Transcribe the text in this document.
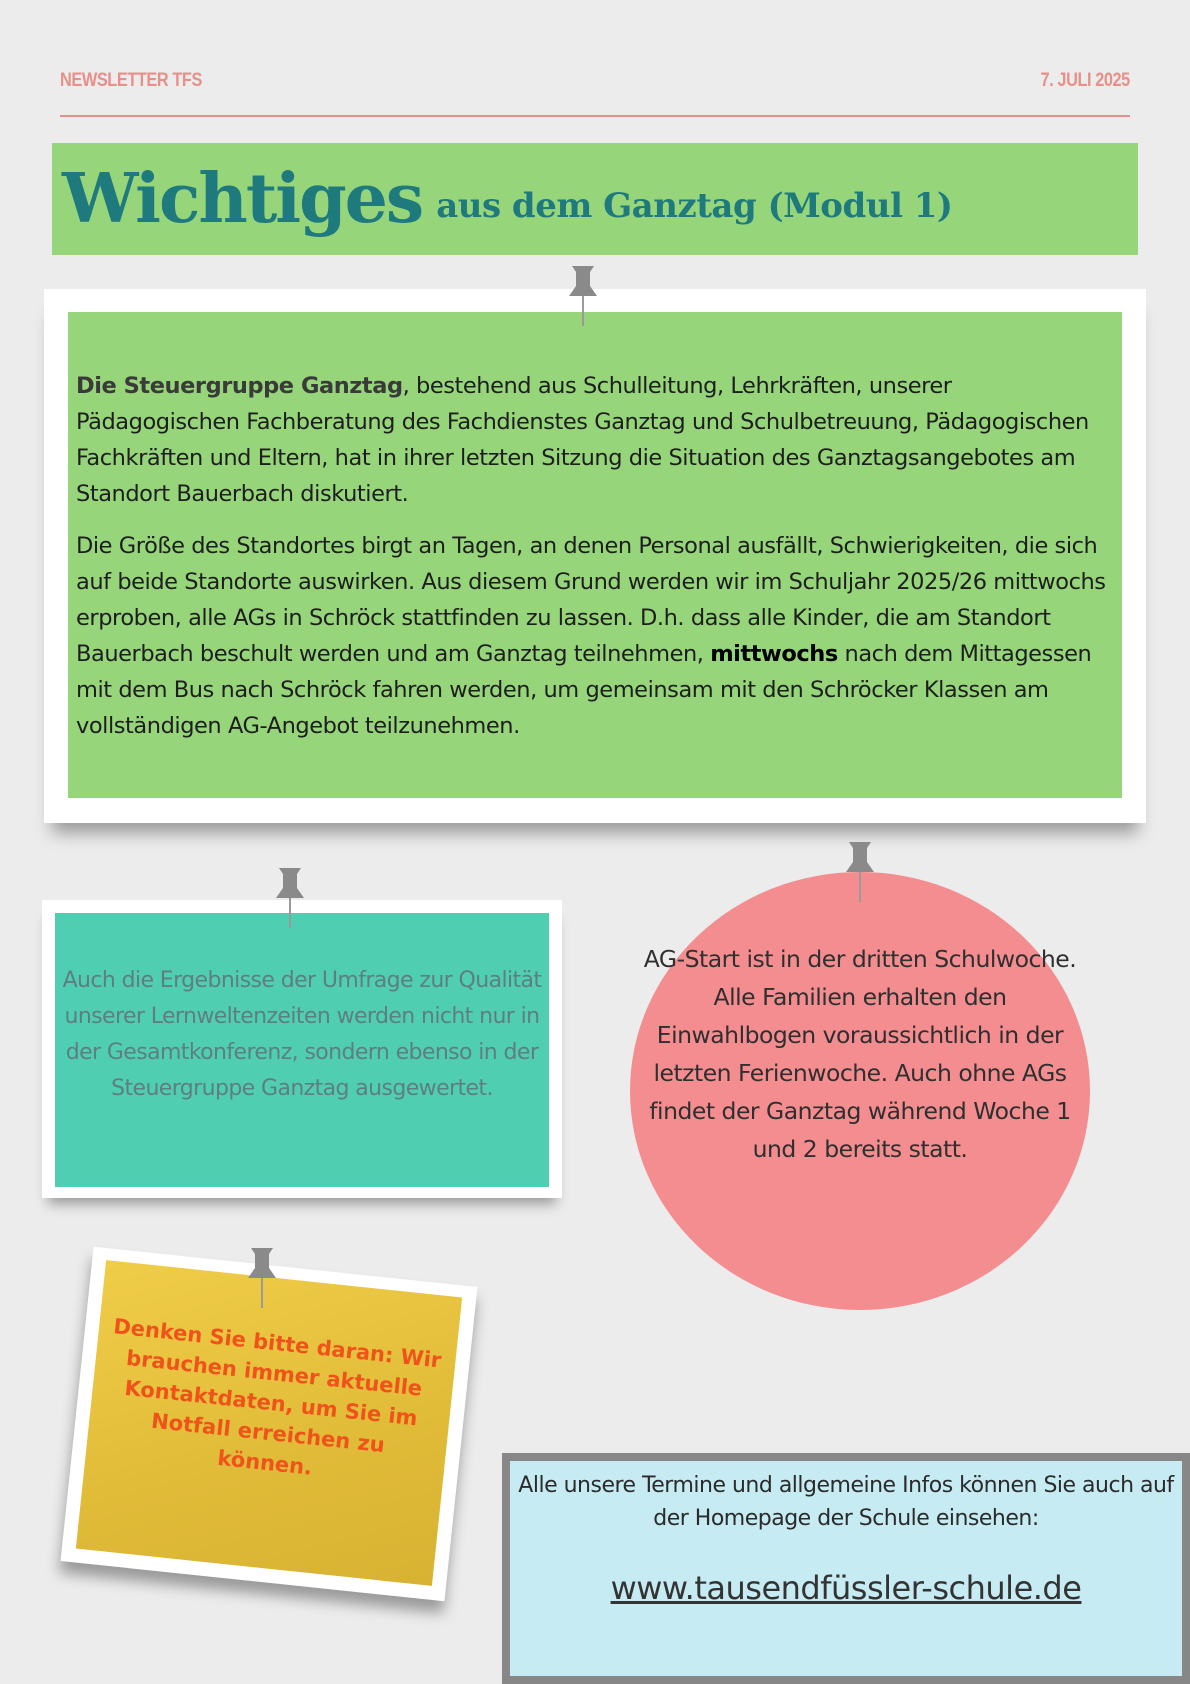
NEWSLETTER TFS	7. JULI 2025
Wichtiges aus dem Ganztag (Modul 1)

Die Steuergruppe Ganztag, bestehend aus Schulleitung, Lehrkräften, unserer Pädagogischen Fachberatung des Fachdienstes Ganztag und Schulbetreuung, Pädagogischen Fachkräften und Eltern, hat in ihrer letzten Sitzung die Situation des Ganztagsangebotes am Standort Bauerbach diskutiert.

Die Größe des Standortes birgt an Tagen, an denen Personal ausfällt, Schwierigkeiten, die sich auf beide Standorte auswirken. Aus diesem Grund werden wir im Schuljahr 2025/26 mittwochs erproben, alle AGs in Schröck stattfinden zu lassen. D.h. dass alle Kinder, die am Standort Bauerbach beschult werden und am Ganztag teilnehmen, mittwochs nach dem Mittagessen mit dem Bus nach Schröck fahren werden, um gemeinsam mit den Schröcker Klassen am vollständigen AG-Angebot teilzunehmen.

Auch die Ergebnisse der Umfrage zur Qualität unserer Lernweltenzeiten werden nicht nur in der Gesamtkonferenz, sondern ebenso in der Steuergruppe Ganztag ausgewertet.
AG-Start ist in der dritten Schulwoche. Alle Familien erhalten den Einwahlbogen voraussichtlich in der letzten Ferienwoche. Auch ohne AGs findet der Ganztag während Woche 1 und 2 bereits statt.
Denken Sie bitte daran: Wir brauchen immer aktuelle Kontaktdaten, um Sie im Notfall erreichen zu können.
Alle unsere Termine und allgemeine Infos können Sie auch auf der Homepage der Schule einsehen:
www.tausendfüssler-schule.de
